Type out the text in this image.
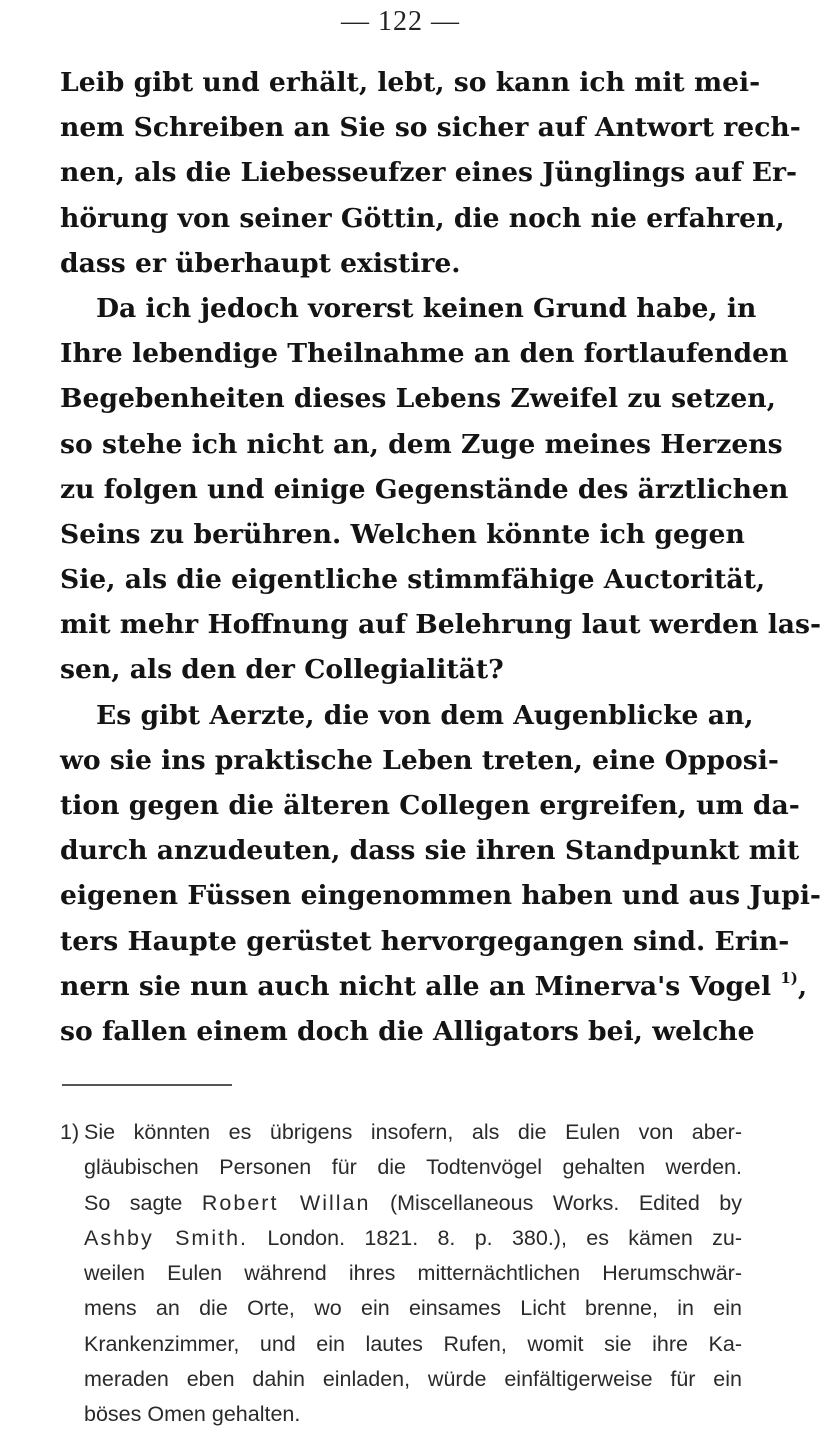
— 122 —
Leib gibt und erhält, lebt, so kann ich mit mei-
nem Schreiben an Sie so sicher auf Antwort rech-
nen, als die Liebesseufzer eines Jünglings auf Er-
hörung von seiner Göttin, die noch nie erfahren,
dass er überhaupt existire.
Da ich jedoch vorerst keinen Grund habe, in
Ihre lebendige Theilnahme an den fortlaufenden
Begebenheiten dieses Lebens Zweifel zu setzen,
so stehe ich nicht an, dem Zuge meines Herzens
zu folgen und einige Gegenstände des ärztlichen
Seins zu berühren. Welchen könnte ich gegen
Sie, als die eigentliche stimmfähige Auctorität,
mit mehr Hoffnung auf Belehrung laut werden las-
sen, als den der Collegialität?
Es gibt Aerzte, die von dem Augenblicke an,
wo sie ins praktische Leben treten, eine Opposi-
tion gegen die älteren Collegen ergreifen, um da-
durch anzudeuten, dass sie ihren Standpunkt mit
eigenen Füssen eingenommen haben und aus Jupi-
ters Haupte gerüstet hervorgegangen sind. Erin-
nern sie nun auch nicht alle an Minerva's Vogel $^{1)}$,
so fallen einem doch die Alligators bei, welche
1) Sie könnten es übrigens insofern, als die Eulen von aber-
gläubischen Personen für die Todtenvögel gehalten werden.
So sagte Robert Willan (Miscellaneous Works. Edited by
Ashby Smith. London. 1821. 8. p. 380.), es kämen zu-
weilen Eulen während ihres mitternächtlichen Herumschwär-
mens an die Orte, wo ein einsames Licht brenne, in ein
Krankenzimmer, und ein lautes Rufen, womit sie ihre Ka-
meraden eben dahin einladen, würde einfältigerweise für ein
böses Omen gehalten.
